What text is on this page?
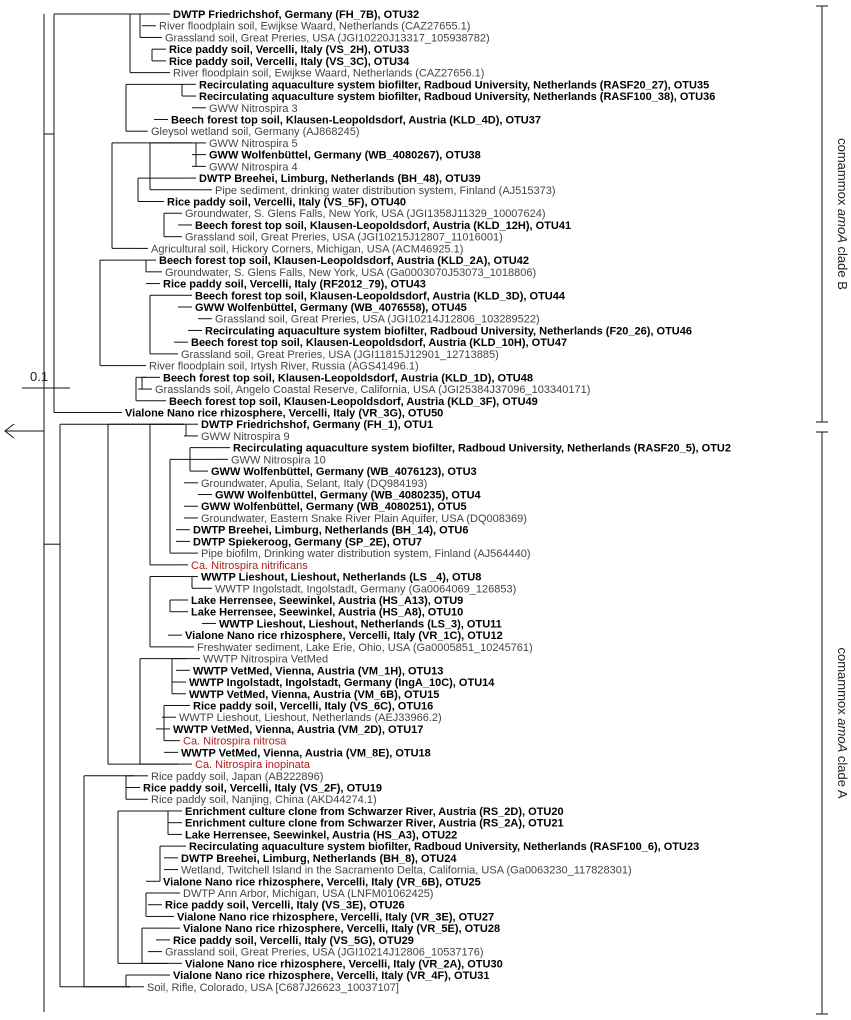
0.1
comammox amoA clade B
comammox amoA clade A
DWTP Friedrichshof, Germany (FH_7B), OTU32
River floodplain soil, Ewijkse Waard, Netherlands (CAZ27655.1)
Grassland soil, Great Preries, USA (JGI10220J13317_105938782)
Rice paddy soil, Vercelli, Italy (VS_2H), OTU33
Rice paddy soil, Vercelli, Italy (VS_3C), OTU34
River floodplain soil, Ewijkse Waard, Netherlands (CAZ27656.1)
Recirculating aquaculture system biofilter, Radboud University, Netherlands (RASF20_27), OTU35
Recirculating aquaculture system biofilter, Radboud University, Netherlands (RASF100_38), OTU36
GWW Nitrospira 3
Beech forest top soil, Klausen-Leopoldsdorf, Austria (KLD_4D), OTU37
Gleysol wetland soil, Germany (AJ868245)
GWW Nitrospira 5
GWW Wolfenbüttel, Germany (WB_4080267), OTU38
GWW Nitrospira 4
DWTP Breehei, Limburg, Netherlands (BH_48), OTU39
Pipe sediment, drinking water distribution system, Finland (AJ515373)
Rice paddy soil, Vercelli, Italy (VS_5F), OTU40
Groundwater, S. Glens Falls, New York, USA (JGI1358J11329_10007624)
Beech forest top soil, Klausen-Leopoldsdorf, Austria (KLD_12H), OTU41
Grassland soil, Great Preries, USA (JGI10215J12807_11016001)
Agricultural soil, Hickory Corners, Michigan, USA (ACM46925.1)
Beech forest top soil, Klausen-Leopoldsdorf, Austria (KLD_2A), OTU42
Groundwater, S. Glens Falls, New York, USA (Ga0003070J53073_1018806)
Rice paddy soil, Vercelli, Italy (RF2012_79), OTU43
Beech forest top soil, Klausen-Leopoldsdorf, Austria (KLD_3D), OTU44
GWW Wolfenbüttel, Germany (WB_4076558), OTU45
Grassland soil, Great Preries, USA (JGI10214J12806_103289522)
Recirculating aquaculture system biofilter, Radboud University, Netherlands (F20_26), OTU46
Beech forest top soil, Klausen-Leopoldsdorf, Austria (KLD_10H), OTU47
Grassland soil, Great Preries, USA (JGI11815J12901_12713885)
River floodplain soil, Irtysh River, Russia (AGS41496.1)
Beech forest top soil, Klausen-Leopoldsdorf, Austria (KLD_1D), OTU48
Grasslands soil, Angelo Coastal Reserve, California, USA (JGI25384J37096_103340171)
Beech forest top soil, Klausen-Leopoldsdorf, Austria (KLD_3F), OTU49
Vialone Nano rice rhizosphere, Vercelli, Italy (VR_3G), OTU50
DWTP Friedrichshof, Germany (FH_1), OTU1
GWW Nitrospira 9
Recirculating aquaculture system biofilter, Radboud University, Netherlands (RASF20_5), OTU2
GWW Nitrospira 10
GWW Wolfenbüttel, Germany (WB_4076123), OTU3
Groundwater, Apulia, Selant, Italy (DQ984193)
GWW Wolfenbüttel, Germany (WB_4080235), OTU4
GWW Wolfenbüttel, Germany (WB_4080251), OTU5
Groundwater, Eastern Snake River Plain Aquifer, USA (DQ008369)
DWTP Breehei, Limburg, Netherlands (BH_14), OTU6
DWTP Spiekeroog, Germany (SP_2E), OTU7
Pipe biofilm, Drinking water distribution system, Finland (AJ564440)
Ca. Nitrospira nitrificans
WWTP Lieshout, Lieshout, Netherlands (LS _4), OTU8
WWTP Ingolstadt, Ingolstadt, Germany (Ga0064069_126853)
Lake Herrensee, Seewinkel, Austria (HS_A13), OTU9
Lake Herrensee, Seewinkel, Austria (HS_A8), OTU10
WWTP Lieshout, Lieshout, Netherlands (LS_3), OTU11
Vialone Nano rice rhizosphere, Vercelli, Italy (VR_1C), OTU12
Freshwater sediment, Lake Erie, Ohio, USA (Ga0005851_10245761)
WWTP Nitrospira VetMed
WWTP VetMed, Vienna, Austria (VM_1H), OTU13
WWTP Ingolstadt, Ingolstadt, Germany (IngA_10C), OTU14
WWTP VetMed, Vienna, Austria (VM_6B), OTU15
Rice paddy soil, Vercelli, Italy (VS_6C), OTU16
WWTP Lieshout, Lieshout, Netherlands (AEJ33966.2)
WWTP VetMed, Vienna, Austria (VM_2D), OTU17
Ca. Nitrospira nitrosa
WWTP VetMed, Vienna, Austria (VM_8E), OTU18
Ca. Nitrospira inopinata
Rice paddy soil, Japan (AB222896)
Rice paddy soil, Vercelli, Italy (VS_2F), OTU19
Rice paddy soil, Nanjing, China (AKD44274.1)
Enrichment culture clone from Schwarzer River, Austria (RS_2D), OTU20
Enrichment culture clone from Schwarzer River, Austria (RS_2A), OTU21
Lake Herrensee, Seewinkel, Austria (HS_A3), OTU22
Recirculating aquaculture system biofilter, Radboud University, Netherlands (RASF100_6), OTU23
DWTP Breehei, Limburg, Netherlands (BH_8), OTU24
Wetland, Twitchell Island in the Sacramento Delta, California, USA (Ga0063230_117828301)
Vialone Nano rice rhizosphere, Vercelli, Italy (VR_6B), OTU25
DWTP Ann Arbor, Michigan, USA (LNFM01062425)
Rice paddy soil, Vercelli, Italy (VS_3E), OTU26
Vialone Nano rice rhizosphere, Vercelli, Italy (VR_3E), OTU27
Vialone Nano rice rhizosphere, Vercelli, Italy (VR_5E), OTU28
Rice paddy soil, Vercelli, Italy (VS_5G), OTU29
Grassland soil, Great Preries, USA (JGI10214J12806_10537176)
Vialone Nano rice rhizosphere, Vercelli, Italy (VR_2A), OTU30
Vialone Nano rice rhizosphere, Vercelli, Italy (VR_4F), OTU31
Soil, Rifle, Colorado, USA [C687J26623_10037107]
